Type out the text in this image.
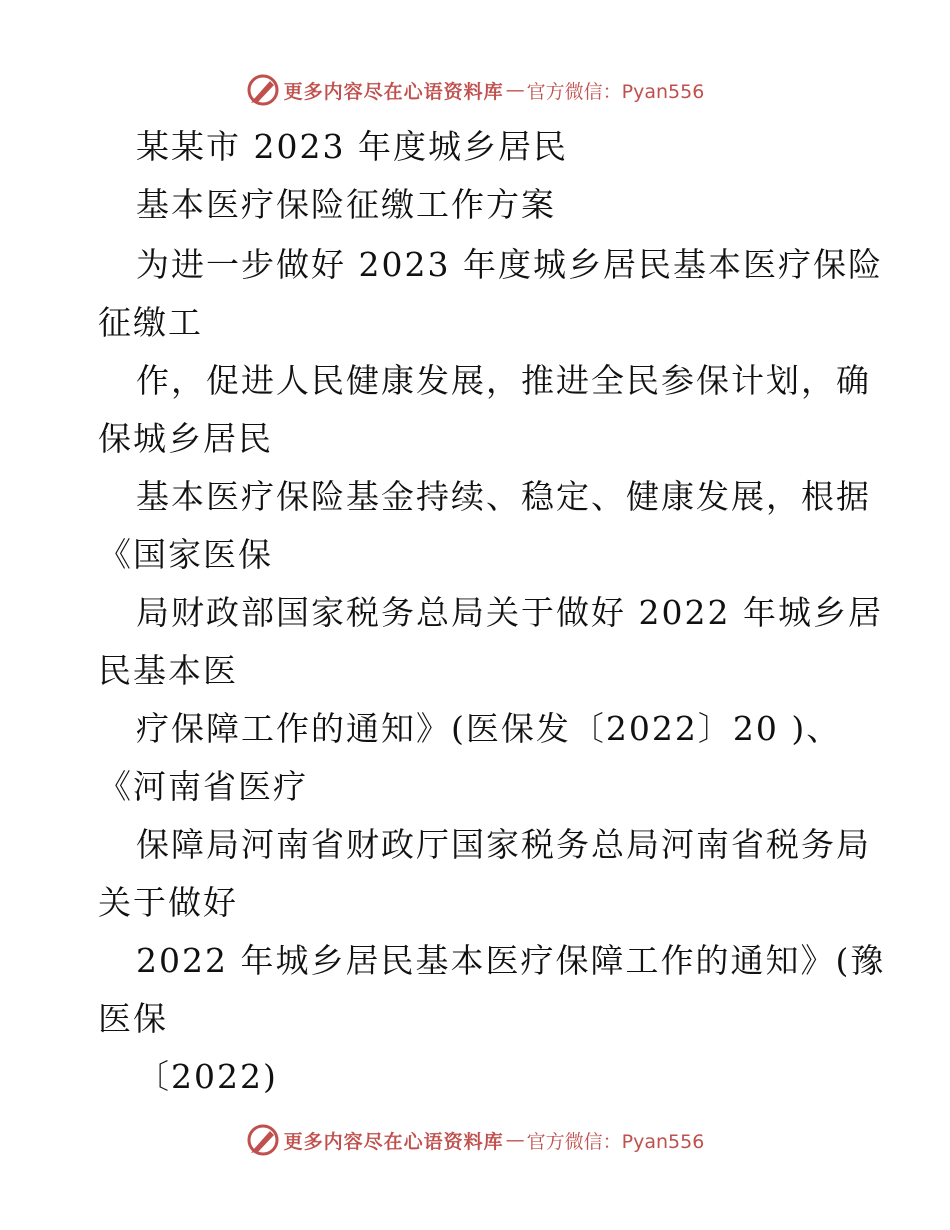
更多内容尽在心语资料库 — 官方微信：Pyan556
某某市 2023 年度城乡居民
基本医疗保险征缴工作方案
为进一步做好 2023 年度城乡居民基本医疗保险
征缴工
作，促进人民健康发展，推进全民参保计划，确
保城乡居民
基本医疗保险基金持续、稳定、健康发展，根据
《国家医保
局财政部国家税务总局关于做好 2022 年城乡居
民基本医
疗保障工作的通知》(医保发〔2022〕20 )、
《河南省医疗
保障局河南省财政厅国家税务总局河南省税务局
关于做好
2022 年城乡居民基本医疗保障工作的通知》(豫
医保
〔2022)
更多内容尽在心语资料库 — 官方微信：Pyan556
